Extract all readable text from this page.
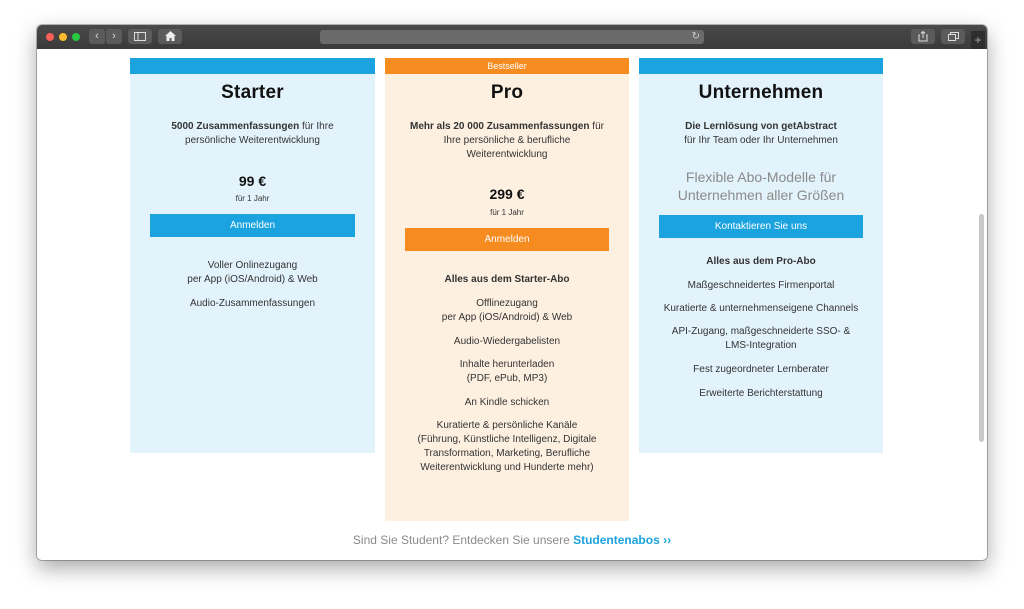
‹	›	↻	+
Starter
5000 Zusammenfassungen für Ihre
persönliche Weiterentwicklung
99 €
für 1 Jahr
Anmelden
Voller Onlinezugang
per App (iOS/Android) & Web
Audio-Zusammenfassungen
Bestseller
Pro
Mehr als 20 000 Zusammenfassungen für
Ihre persönliche & berufliche
Weiterentwicklung
299 €
für 1 Jahr
Anmelden
Alles aus dem Starter-Abo
Offlinezugang
per App (iOS/Android) & Web
Audio-Wiedergabelisten
Inhalte herunterladen
(PDF, ePub, MP3)
An Kindle schicken
Kuratierte & persönliche Kanäle
(Führung, Künstliche Intelligenz, Digitale
Transformation, Marketing, Berufliche
Weiterentwicklung und Hunderte mehr)
Unternehmen
Die Lernlösung von getAbstract
für Ihr Team oder Ihr Unternehmen
Flexible Abo-Modelle für
Unternehmen aller Größen
Kontaktieren Sie uns
Alles aus dem Pro-Abo
Maßgeschneidertes Firmenportal
Kuratierte & unternehmenseigene Channels
API-Zugang, maßgeschneiderte SSO- &
LMS-Integration
Fest zugeordneter Lernberater
Erweiterte Berichterstattung
Sind Sie Student? Entdecken Sie unsere Studentenabos ››
